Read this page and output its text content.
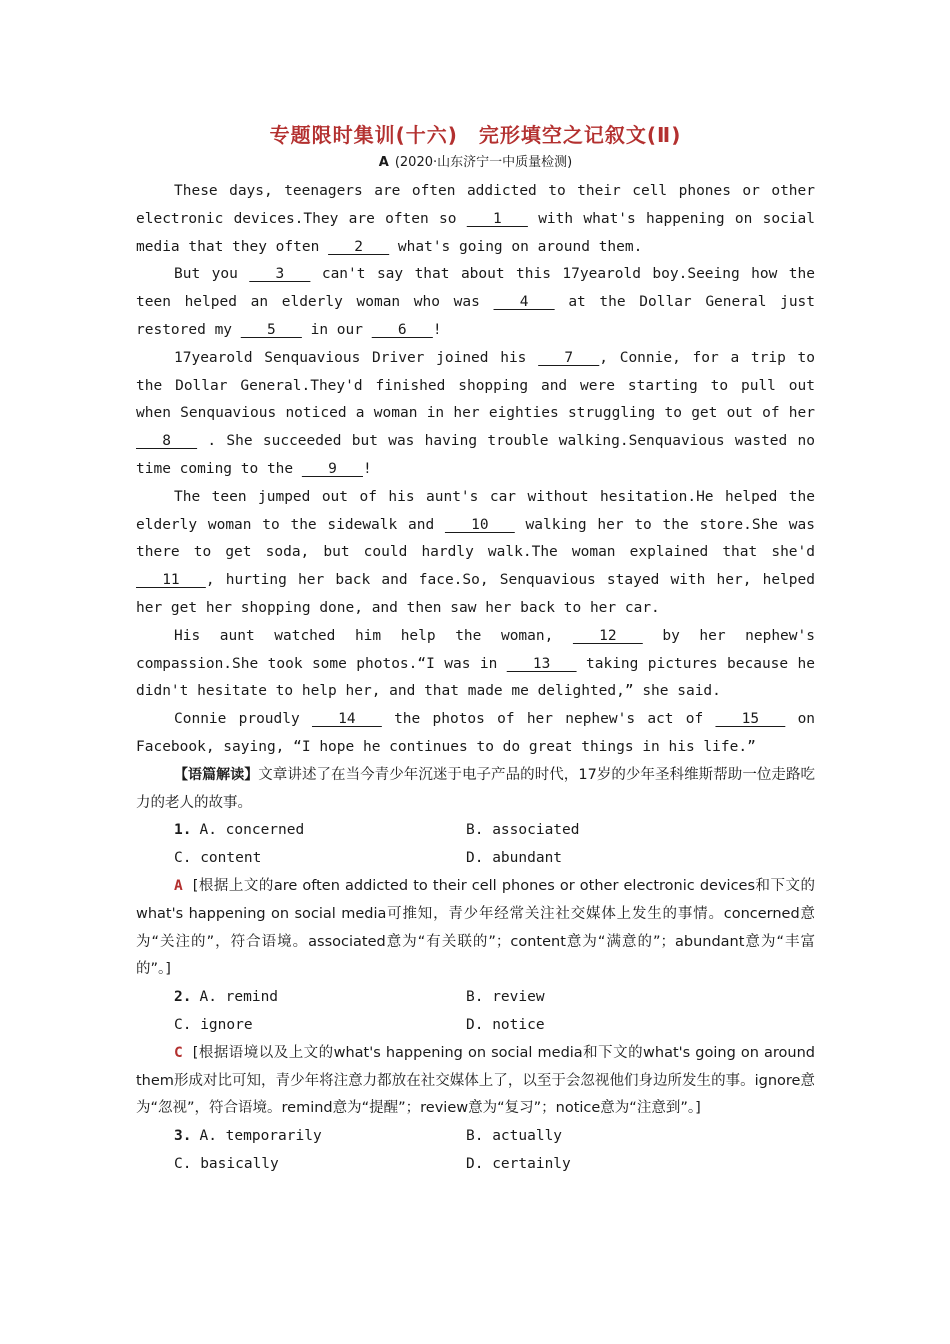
专题限时集训(十六)　完形填空之记叙文(Ⅱ)
A (2020·山东济宁一中质量检测)

These days, teenagers are often addicted to their cell phones or other electronic devices.They are often so    1    with what's happening on social media that they often    2    what's going on around them.

But you    3    can't say that about this 17yearold boy.Seeing how the teen helped an elderly woman who was    4    at the Dollar General just restored my    5    in our    6   !

17yearold Senquavious Driver joined his    7   , Connie, for a trip to the Dollar General.They'd finished shopping and were starting to pull out when Senquavious noticed a woman in her eighties struggling to get out of her    8    . She succeeded but was having trouble walking.Senquavious wasted no time coming to the    9   !

The teen jumped out of his aunt's car without hesitation.He helped the elderly woman to the sidewalk and    10    walking her to the store.She was there to get soda, but could hardly walk.The woman explained that she'd    11   , hurting her back and face.So, Senquavious stayed with her, helped her get her shopping done, and then saw her back to her car.

His aunt watched him help the woman,    12    by her nephew's compassion.She took some photos.“I was in    13    taking pictures because he didn't hesitate to help her, and that made me delighted,” she said.

Connie proudly    14    the photos of her nephew's act of    15    on Facebook, saying, “I hope he continues to do great things in his life.”

【语篇解读】文章讲述了在当今青少年沉迷于电子产品的时代，17岁的少年圣科维斯帮助一位走路吃力的老人的故事。

1. A. concerned	B. associated
C. content	D. abundant

A [根据上文的are often addicted to their cell phones or other electronic devices和下文的what's happening on social media可推知，青少年经常关注社交媒体上发生的事情。concerned意为“关注的”，符合语境。associated意为“有关联的”；content意为“满意的”；abundant意为“丰富的”。]

2. A. remind	B. review
C. ignore	D. notice

C [根据语境以及上文的what's happening on social media和下文的what's going on around them形成对比可知，青少年将注意力都放在社交媒体上了，以至于会忽视他们身边所发生的事。ignore意为“忽视”，符合语境。remind意为“提醒”；review意为“复习”；notice意为“注意到”。]

3. A. temporarily	B. actually
C. basically	D. certainly
